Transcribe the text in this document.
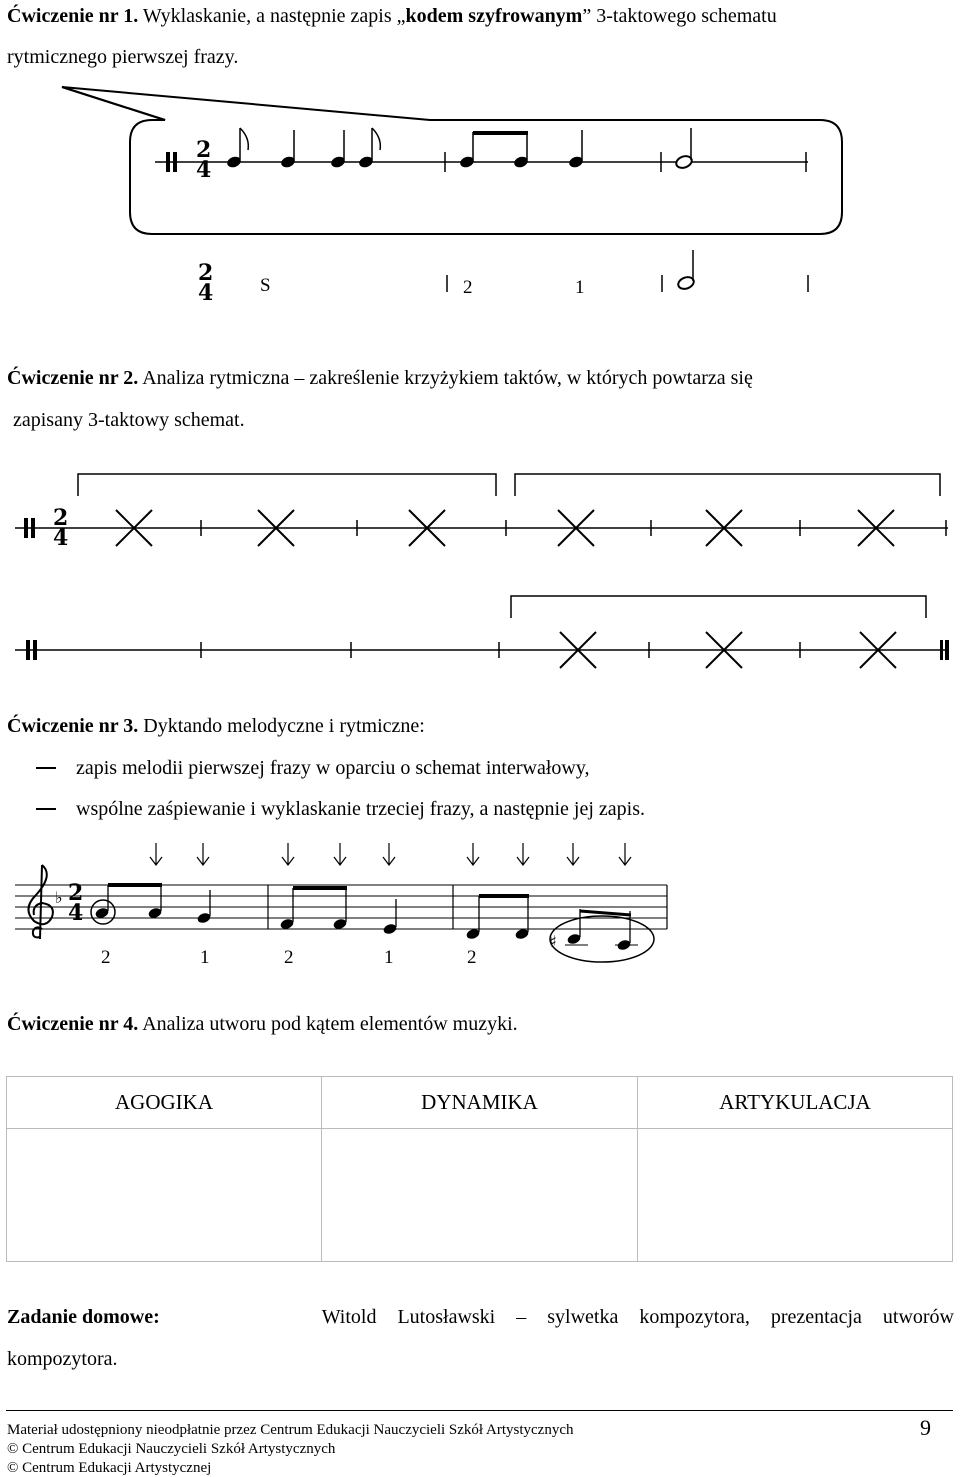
Ćwiczenie nr 1. Wyklaskanie, a następnie zapis „kodem szyfrowanym” 3-taktowego schematu
rytmicznego pierwszej frazy.
2
4
2
4 S	2	1
Ćwiczenie nr 2. Analiza rytmiczna – zakreślenie krzyżykiem taktów, w których powtarza się
zapisany 3-taktowy schemat.
2
4
Ćwiczenie nr 3. Dyktando melodyczne i rytmiczne:
zapis melodii pierwszej frazy w oparciu o schemat interwałowy,
wspólne zaśpiewanie i wyklaskanie trzeciej frazy, a następnie jej zapis.
♭
♯
2
4
2	1	2	1	2
Ćwiczenie nr 4. Analiza utworu pod kątem elementów muzyki.
AGOGIKA	DYNAMIKA	ARTYKULACJA
Zadanie domowe:	Witold Lutosławski – sylwetka kompozytora, prezentacja utworów
kompozytora.
Materiał udostępniony nieodpłatnie przez Centrum Edukacji Nauczycieli Szkół Artystycznych
© Centrum Edukacji Nauczycieli Szkół Artystycznych
© Centrum Edukacji Artystycznej
9
